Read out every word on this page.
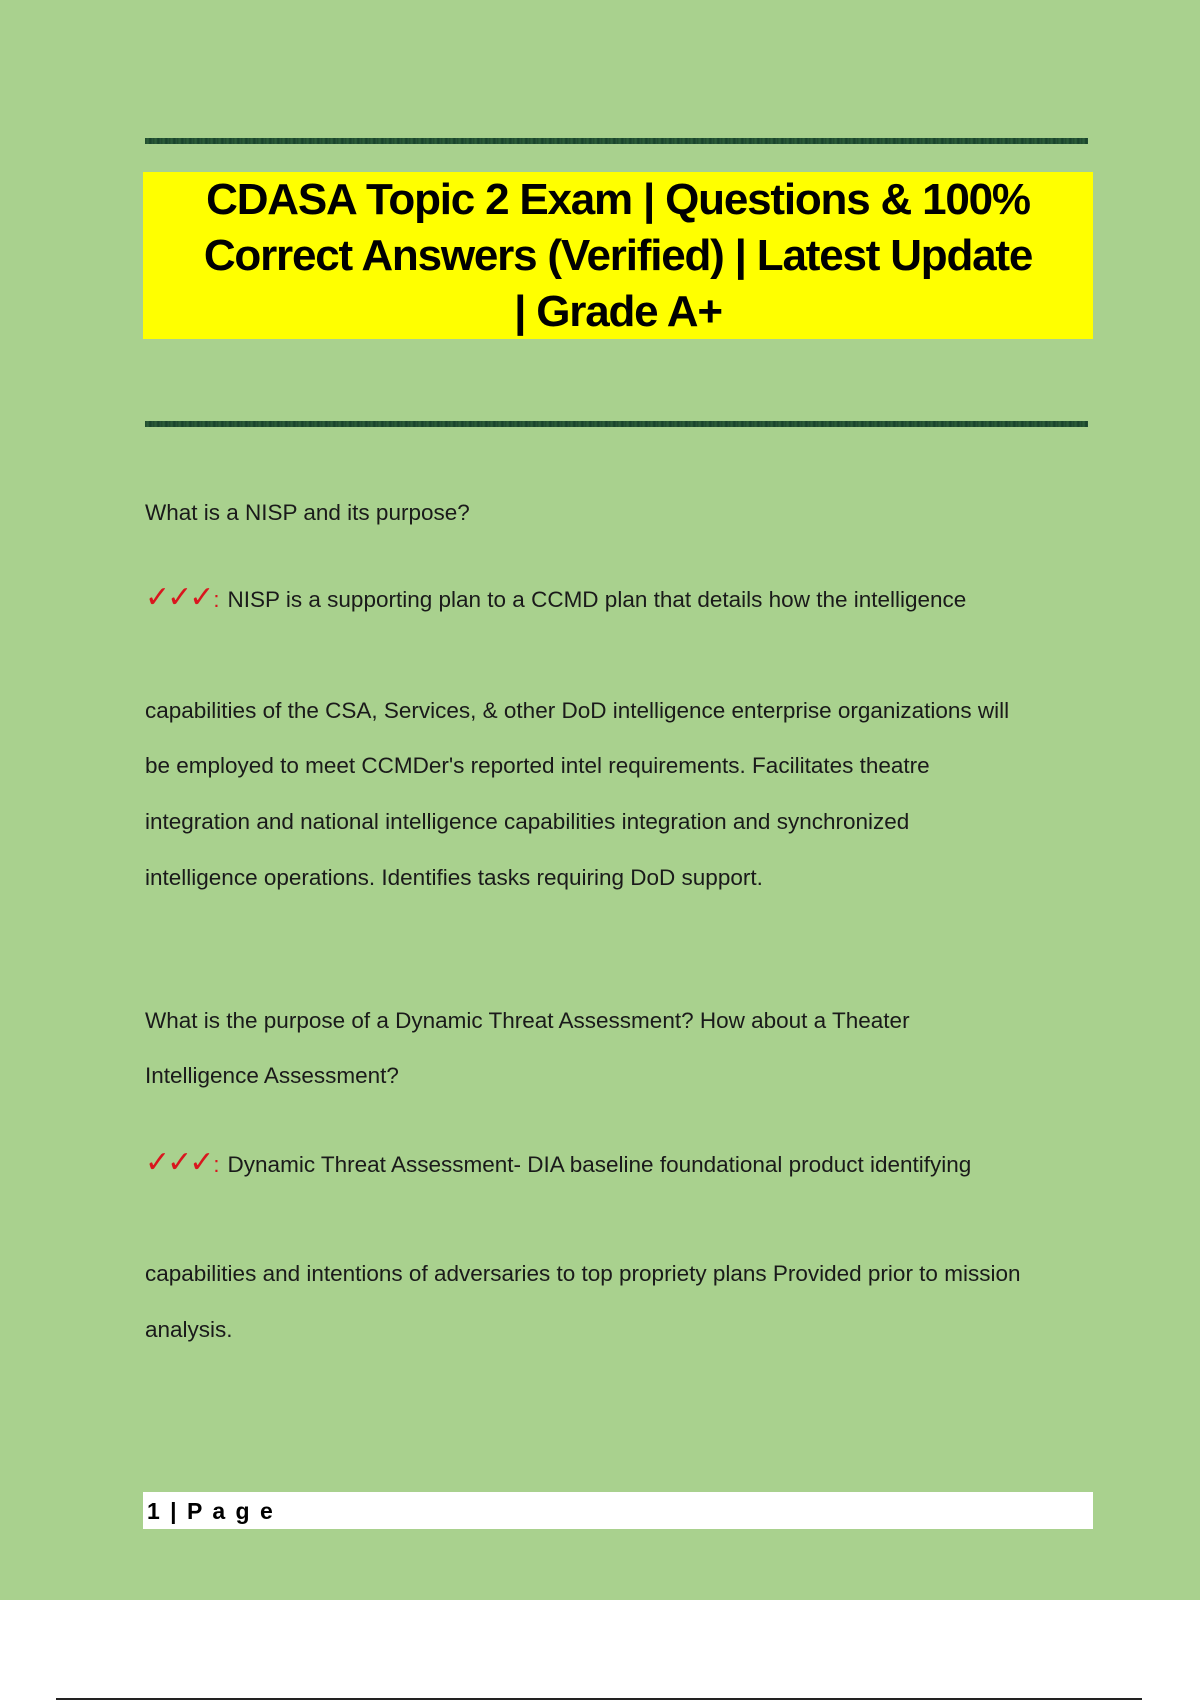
CDASA Topic 2 Exam | Questions & 100%
Correct Answers (Verified) | Latest Update
| Grade A+

What is a NISP and its purpose?

✓✓✓ : NISP is a supporting plan to a CCMD plan that details how the intelligence

capabilities of the CSA, Services, & other DoD intelligence enterprise organizations will

be employed to meet CCMDer's reported intel requirements. Facilitates theatre

integration and national intelligence capabilities integration and synchronized

intelligence operations. Identifies tasks requiring DoD support.

What is the purpose of a Dynamic Threat Assessment? How about a Theater

Intelligence Assessment?

✓✓✓ : Dynamic Threat Assessment- DIA baseline foundational product identifying

capabilities and intentions of adversaries to top propriety plans Provided prior to mission

analysis.

1 | P a g e
